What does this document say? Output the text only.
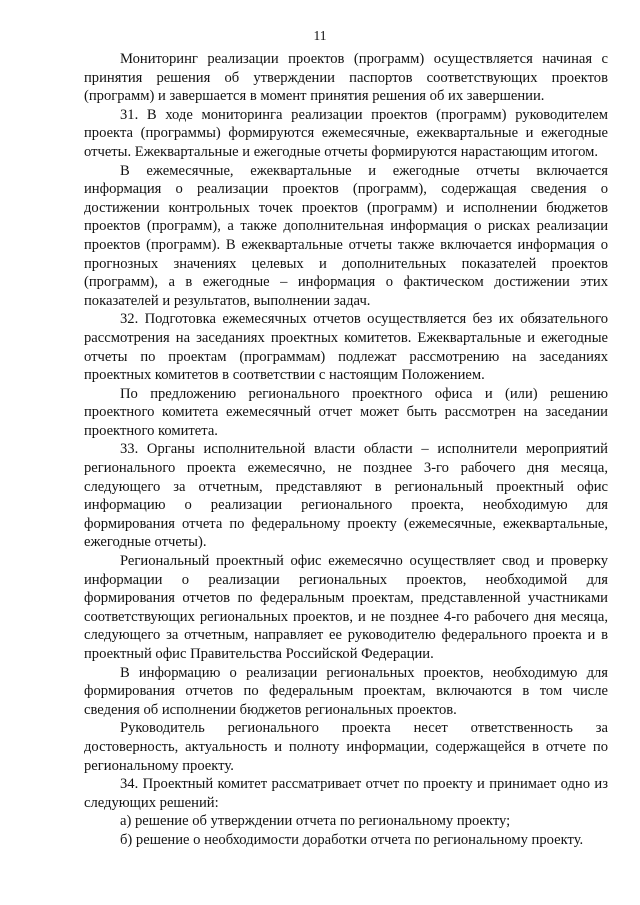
11

Мониторинг реализации проектов (программ) осуществляется начиная с принятия решения об утверждении паспортов соответствующих проектов (программ) и завершается в момент принятия решения об их завершении.

31. В ходе мониторинга реализации проектов (программ) руководителем проекта (программы) формируются ежемесячные, ежеквартальные и ежегодные отчеты. Ежеквартальные и ежегодные отчеты формируются нарастающим итогом.

В ежемесячные, ежеквартальные и ежегодные отчеты включается информация о реализации проектов (программ), содержащая сведения о достижении контрольных точек проектов (программ) и исполнении бюджетов проектов (программ), а также дополнительная информация о рисках реализации проектов (программ). В ежеквартальные отчеты также включается информация о прогнозных значениях целевых и дополнительных показателей проектов (программ), а в ежегодные – информация о фактическом достижении этих показателей и результатов, выполнении задач.

32. Подготовка ежемесячных отчетов осуществляется без их обязательного рассмотрения на заседаниях проектных комитетов. Ежеквартальные и ежегодные отчеты по проектам (программам) подлежат рассмотрению на заседаниях проектных комитетов в соответствии с настоящим Положением.

По предложению регионального проектного офиса и (или) решению проектного комитета ежемесячный отчет может быть рассмотрен на заседании проектного комитета.

33. Органы исполнительной власти области – исполнители мероприятий регионального проекта ежемесячно, не позднее 3-го рабочего дня месяца, следующего за отчетным, представляют в региональный проектный офис информацию о реализации регионального проекта, необходимую для формирования отчета по федеральному проекту (ежемесячные, ежеквартальные, ежегодные отчеты).

Региональный проектный офис ежемесячно осуществляет свод и проверку информации о реализации региональных проектов, необходимой для формирования отчетов по федеральным проектам, представленной участниками соответствующих региональных проектов, и не позднее 4-го рабочего дня месяца, следующего за отчетным, направляет ее руководителю федерального проекта и в проектный офис Правительства Российской Федерации.

В информацию о реализации региональных проектов, необходимую для формирования отчетов по федеральным проектам, включаются в том числе сведения об исполнении бюджетов региональных проектов.

Руководитель регионального проекта несет ответственность за достоверность, актуальность и полноту информации, содержащейся в отчете по региональному проекту.

34. Проектный комитет рассматривает отчет по проекту и принимает одно из следующих решений:

а) решение об утверждении отчета по региональному проекту;

б) решение о необходимости доработки отчета по региональному проекту.
